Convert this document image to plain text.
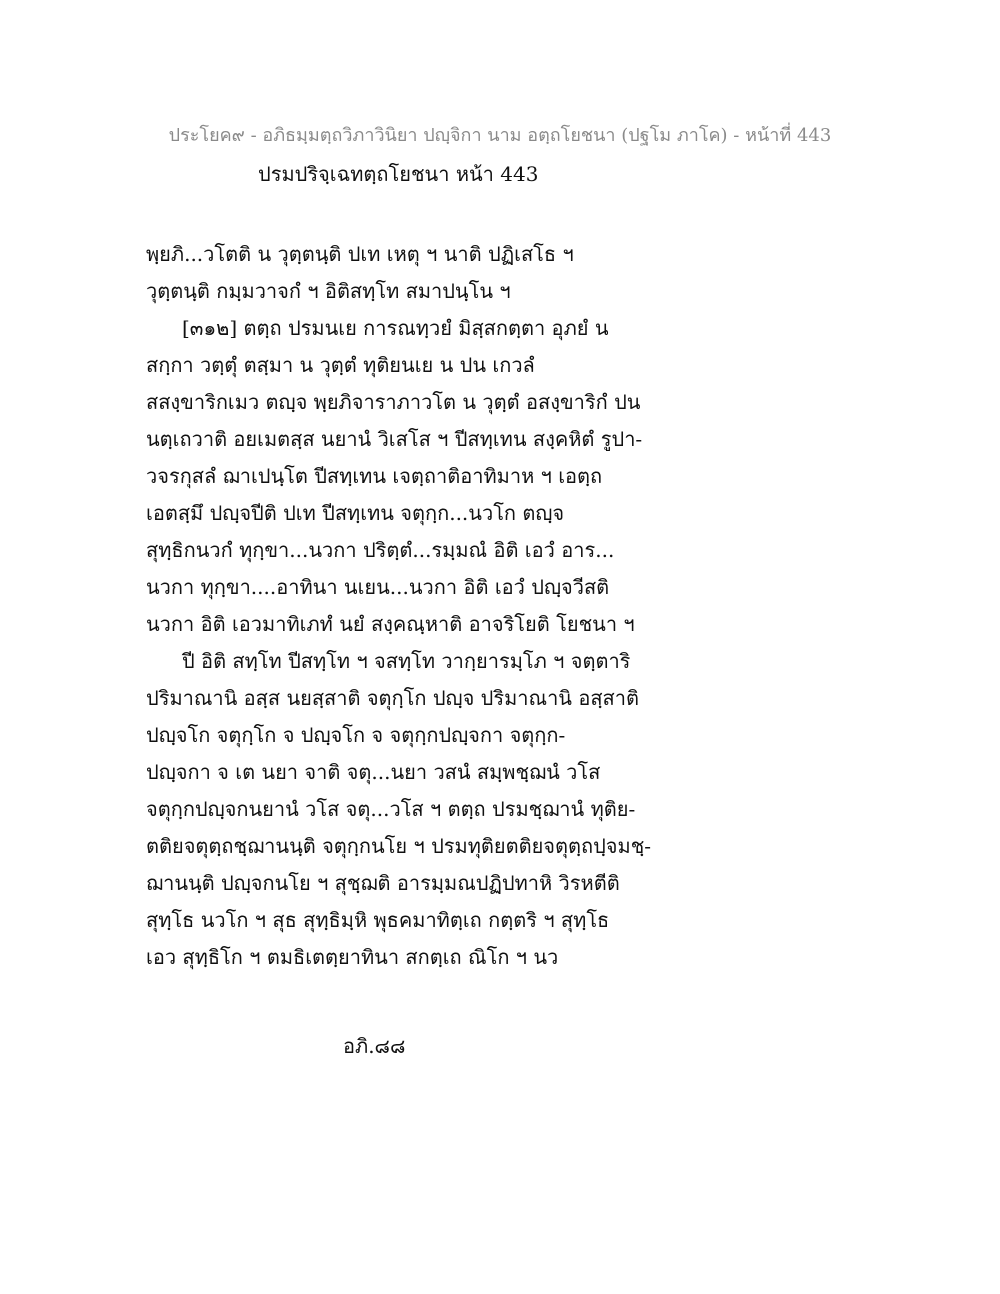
ประโยค๙ - อภิธมฺมตฺถวิภาวินิยา ปญฺจิกา นาม อตฺถโยชนา (ปฐโม ภาโค) - หน้าที่ 443
ปรมปริจฺเฉทตฺถโยชนา หน้า 443
พฺยภิ...วโตติ น วุตฺตนฺติ ปเท เหตุ ฯ นาติ ปฏิเสโธ ฯ
วุตฺตนฺติ กมฺมวาจกํ ฯ อิติสทฺโท สมาปนฺโน ฯ
[๓๑๒] ตตฺถ ปรมนเย การณทฺวยํ มิสฺสกตฺตา อุภยํ น
สกฺกา วตฺตุํ ตสฺมา น วุตฺตํ ทุติยนเย น ปน เกวลํ
สสงฺขาริกเมว ตญฺจ พฺยภิจาราภาวโต น วุตฺตํ อสงฺขาริกํ ปน
นตฺเถวาติ อยเมตสฺส นยานํ วิเสโส ฯ ปีสทฺเทน สงฺคหิตํ รูปา-
วจรกุสลํ ฌาเปนฺโต ปีสทฺเทน เจตฺถาติอาทิมาห ฯ เอตฺถ
เอตสฺมึ ปญฺจปีติ ปเท ปีสทฺเทน จตุกฺก...นวโก ตญฺจ
สุทฺธิกนวกํ ทุกฺขา...นวกา ปริตฺตํ...รมฺมณํ อิติ เอวํ อาร...
นวกา ทุกฺขา....อาทินา นเยน...นวกา อิติ เอวํ ปญฺจวีสติ
นวกา อิติ เอวมาทิเภทํ นยํ สงฺคณฺหาติ อาจริโยติ โยชนา ฯ
ปี อิติ สทฺโท ปีสทฺโท ฯ จสทฺโท วากฺยารมฺโภ ฯ จตฺตาริ
ปริมาณานิ อสฺส นยสฺสาติ จตุกฺโก ปญฺจ ปริมาณานิ อสฺสาติ
ปญฺจโก จตุกฺโก จ ปญฺจโก จ จตุกฺกปญฺจกา จตุกฺก-
ปญฺจกา จ เต นยา จาติ จตุ...นยา วสนํ สมฺพชฺฌนํ วโส
จตุกฺกปญฺจกนยานํ วโส จตุ...วโส ฯ ตตฺถ ปรมชฺฌานํ ทุติย-
ตติยจตุตฺถชฺฌานนฺติ จตุกฺกนโย ฯ ปรมทุติยตติยจตุตฺถปฺจมชฺ-
ฌานนฺติ ปญฺจกนโย ฯ สุชฺฌติ อารมฺมณปฏิปทาหิ วิรหตีติ
สุทฺโธ นวโก ฯ สุธ สุทฺธิมฺหิ พุธคมาทิตฺเถ กตฺตริ ฯ สุทฺโธ
เอว สุทฺธิโก ฯ ตมธิเตตฺยาทินา สกตฺเถ ณิโก ฯ นว
อภิ.๘๘
